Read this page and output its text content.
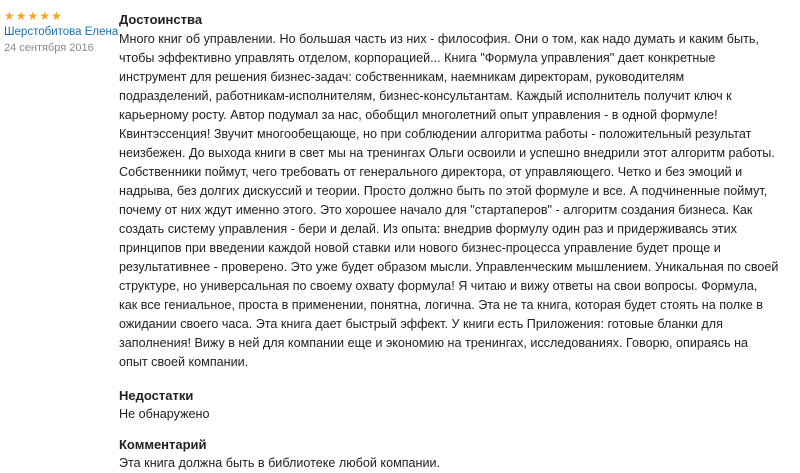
★ ★ ★ ★ ★
Шерстобитова Елена
24 сентября 2016

Достоинства

Много книг об управлении. Но большая часть из них - философия. Они о том, как надо думать и каким быть, чтобы эффективно управлять отделом, корпорацией... Книга "Формула управления" дает конкретные инструмент для решения бизнес-задач: собственникам, наемникам директорам, руководителям подразделений, работникам-исполнителям, бизнес-консультантам. Каждый исполнитель получит ключ к карьерному росту. Автор подумал за нас, обобщил многолетний опыт управления - в одной формуле! Квинтэссенция! Звучит многообещающе, но при соблюдении алгоритма работы - положительный результат неизбежен. До выхода книги в свет мы на тренингах Ольги освоили и успешно внедрили этот алгоритм работы. Собственники поймут, чего требовать от генерального директора, от управляющего. Четко и без эмоций и надрыва, без долгих дискуссий и теории. Просто должно быть по этой формуле и все. А подчиненные поймут, почему от них ждут именно этого. Это хорошее начало для "стартаперов" - алгоритм создания бизнеса. Как создать систему управления - бери и делай. Из опыта: внедрив формулу один раз и придерживаясь этих принципов при введении каждой новой ставки или нового бизнес-процесса управление будет проще и результативнее - проверено. Это уже будет образом мысли. Управленческим мышлением. Уникальная по своей структуре, но универсальная по своему охвату формула! Я читаю и вижу ответы на свои вопросы. Формула, как все гениальное, проста в применении, понятна, логична. Эта не та книга, которая будет стоять на полке в ожидании своего часа. Эта книга дает быстрый эффект. У книги есть Приложения: готовые бланки для заполнения! Вижу в ней для компании еще и экономию на тренингах, исследованиях. Говорю, опираясь на опыт своей компании.

Недостатки

Не обнаружено

Комментарий

Эта книга должна быть в библиотеке любой компании.
